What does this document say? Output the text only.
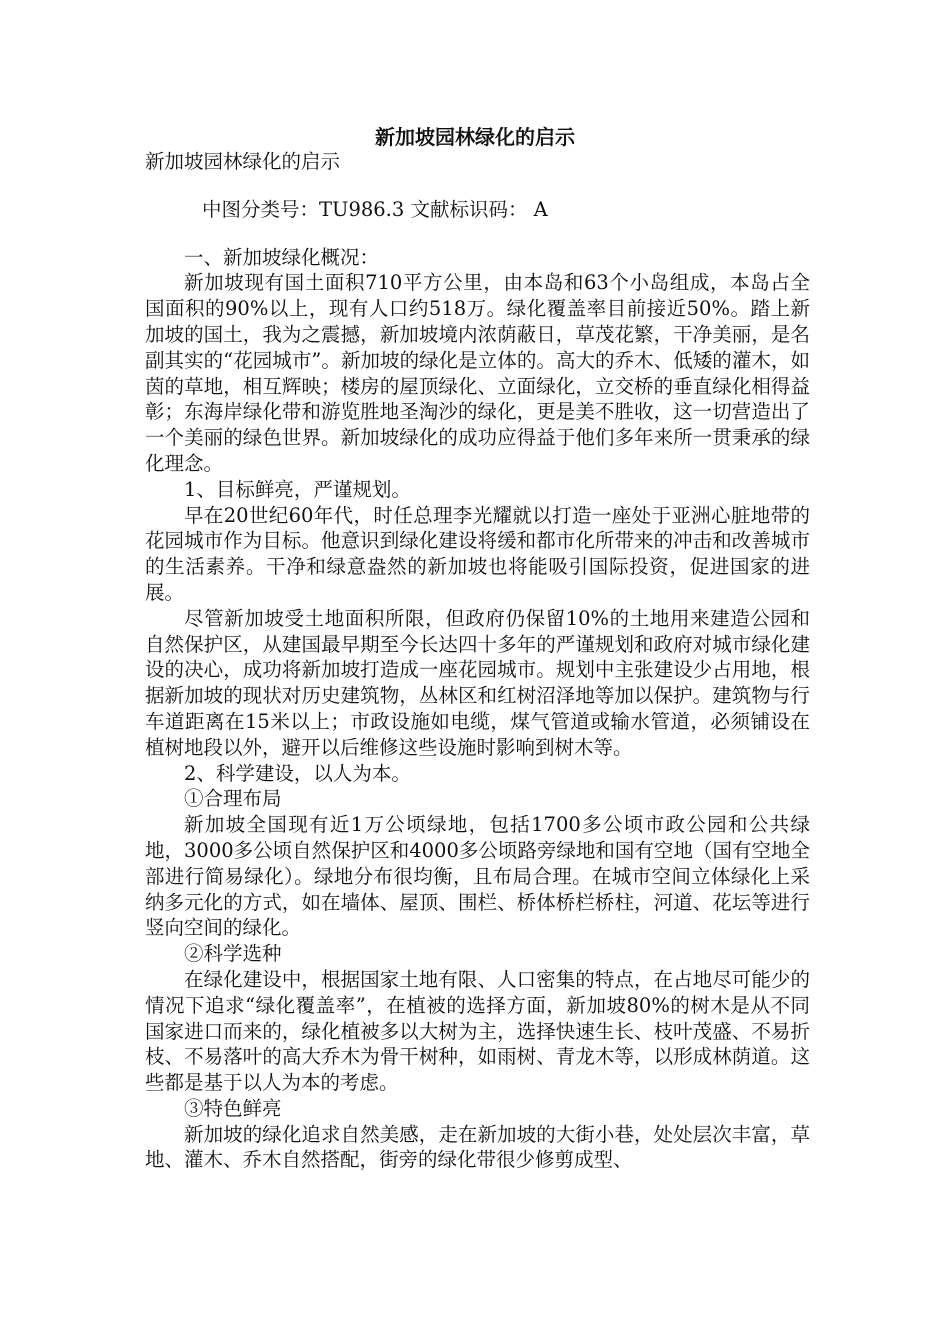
新加坡园林绿化的启示

新加坡园林绿化的启示

中图分类号：TU986.3 文献标识码： A

一、新加坡绿化概况：

新加坡现有国土面积710平方公里，由本岛和63个小岛组成，本岛占全国面积的90%以上，现有人口约518万。绿化覆盖率目前接近50%。踏上新加坡的国土，我为之震撼，新加坡境内浓荫蔽日，草茂花繁，干净美丽，是名副其实的“花园城市”。新加坡的绿化是立体的。高大的乔木、低矮的灌木，如茵的草地，相互辉映；楼房的屋顶绿化、立面绿化，立交桥的垂直绿化相得益彰；东海岸绿化带和游览胜地圣淘沙的绿化，更是美不胜收，这一切营造出了一个美丽的绿色世界。新加坡绿化的成功应得益于他们多年来所一贯秉承的绿化理念。

1、目标鲜亮，严谨规划。

早在20世纪60年代，时任总理李光耀就以打造一座处于亚洲心脏地带的花园城市作为目标。他意识到绿化建设将缓和都市化所带来的冲击和改善城市的生活素养。干净和绿意盎然的新加坡也将能吸引国际投资，促进国家的进展。

尽管新加坡受土地面积所限，但政府仍保留10%的土地用来建造公园和自然保护区，从建国最早期至今长达四十多年的严谨规划和政府对城市绿化建设的决心，成功将新加坡打造成一座花园城市。规划中主张建设少占用地，根据新加坡的现状对历史建筑物，丛林区和红树沼泽地等加以保护。建筑物与行车道距离在15米以上；市政设施如电缆，煤气管道或输水管道，必须铺设在植树地段以外，避开以后维修这些设施时影响到树木等。

2、科学建设，以人为本。

①合理布局

新加坡全国现有近1万公顷绿地，包括1700多公顷市政公园和公共绿地，3000多公顷自然保护区和4000多公顷路旁绿地和国有空地（国有空地全部进行简易绿化）。绿地分布很均衡，且布局合理。在城市空间立体绿化上采纳多元化的方式，如在墙体、屋顶、围栏、桥体桥栏桥柱，河道、花坛等进行竖向空间的绿化。

②科学选种

在绿化建设中，根据国家土地有限、人口密集的特点，在占地尽可能少的情况下追求“绿化覆盖率”，在植被的选择方面，新加坡80%的树木是从不同国家进口而来的，绿化植被多以大树为主，选择快速生长、枝叶茂盛、不易折枝、不易落叶的高大乔木为骨干树种，如雨树、青龙木等，以形成林荫道。这些都是基于以人为本的考虑。

③特色鲜亮

新加坡的绿化追求自然美感，走在新加坡的大街小巷，处处层次丰富，草地、灌木、乔木自然搭配，街旁的绿化带很少修剪成型、
